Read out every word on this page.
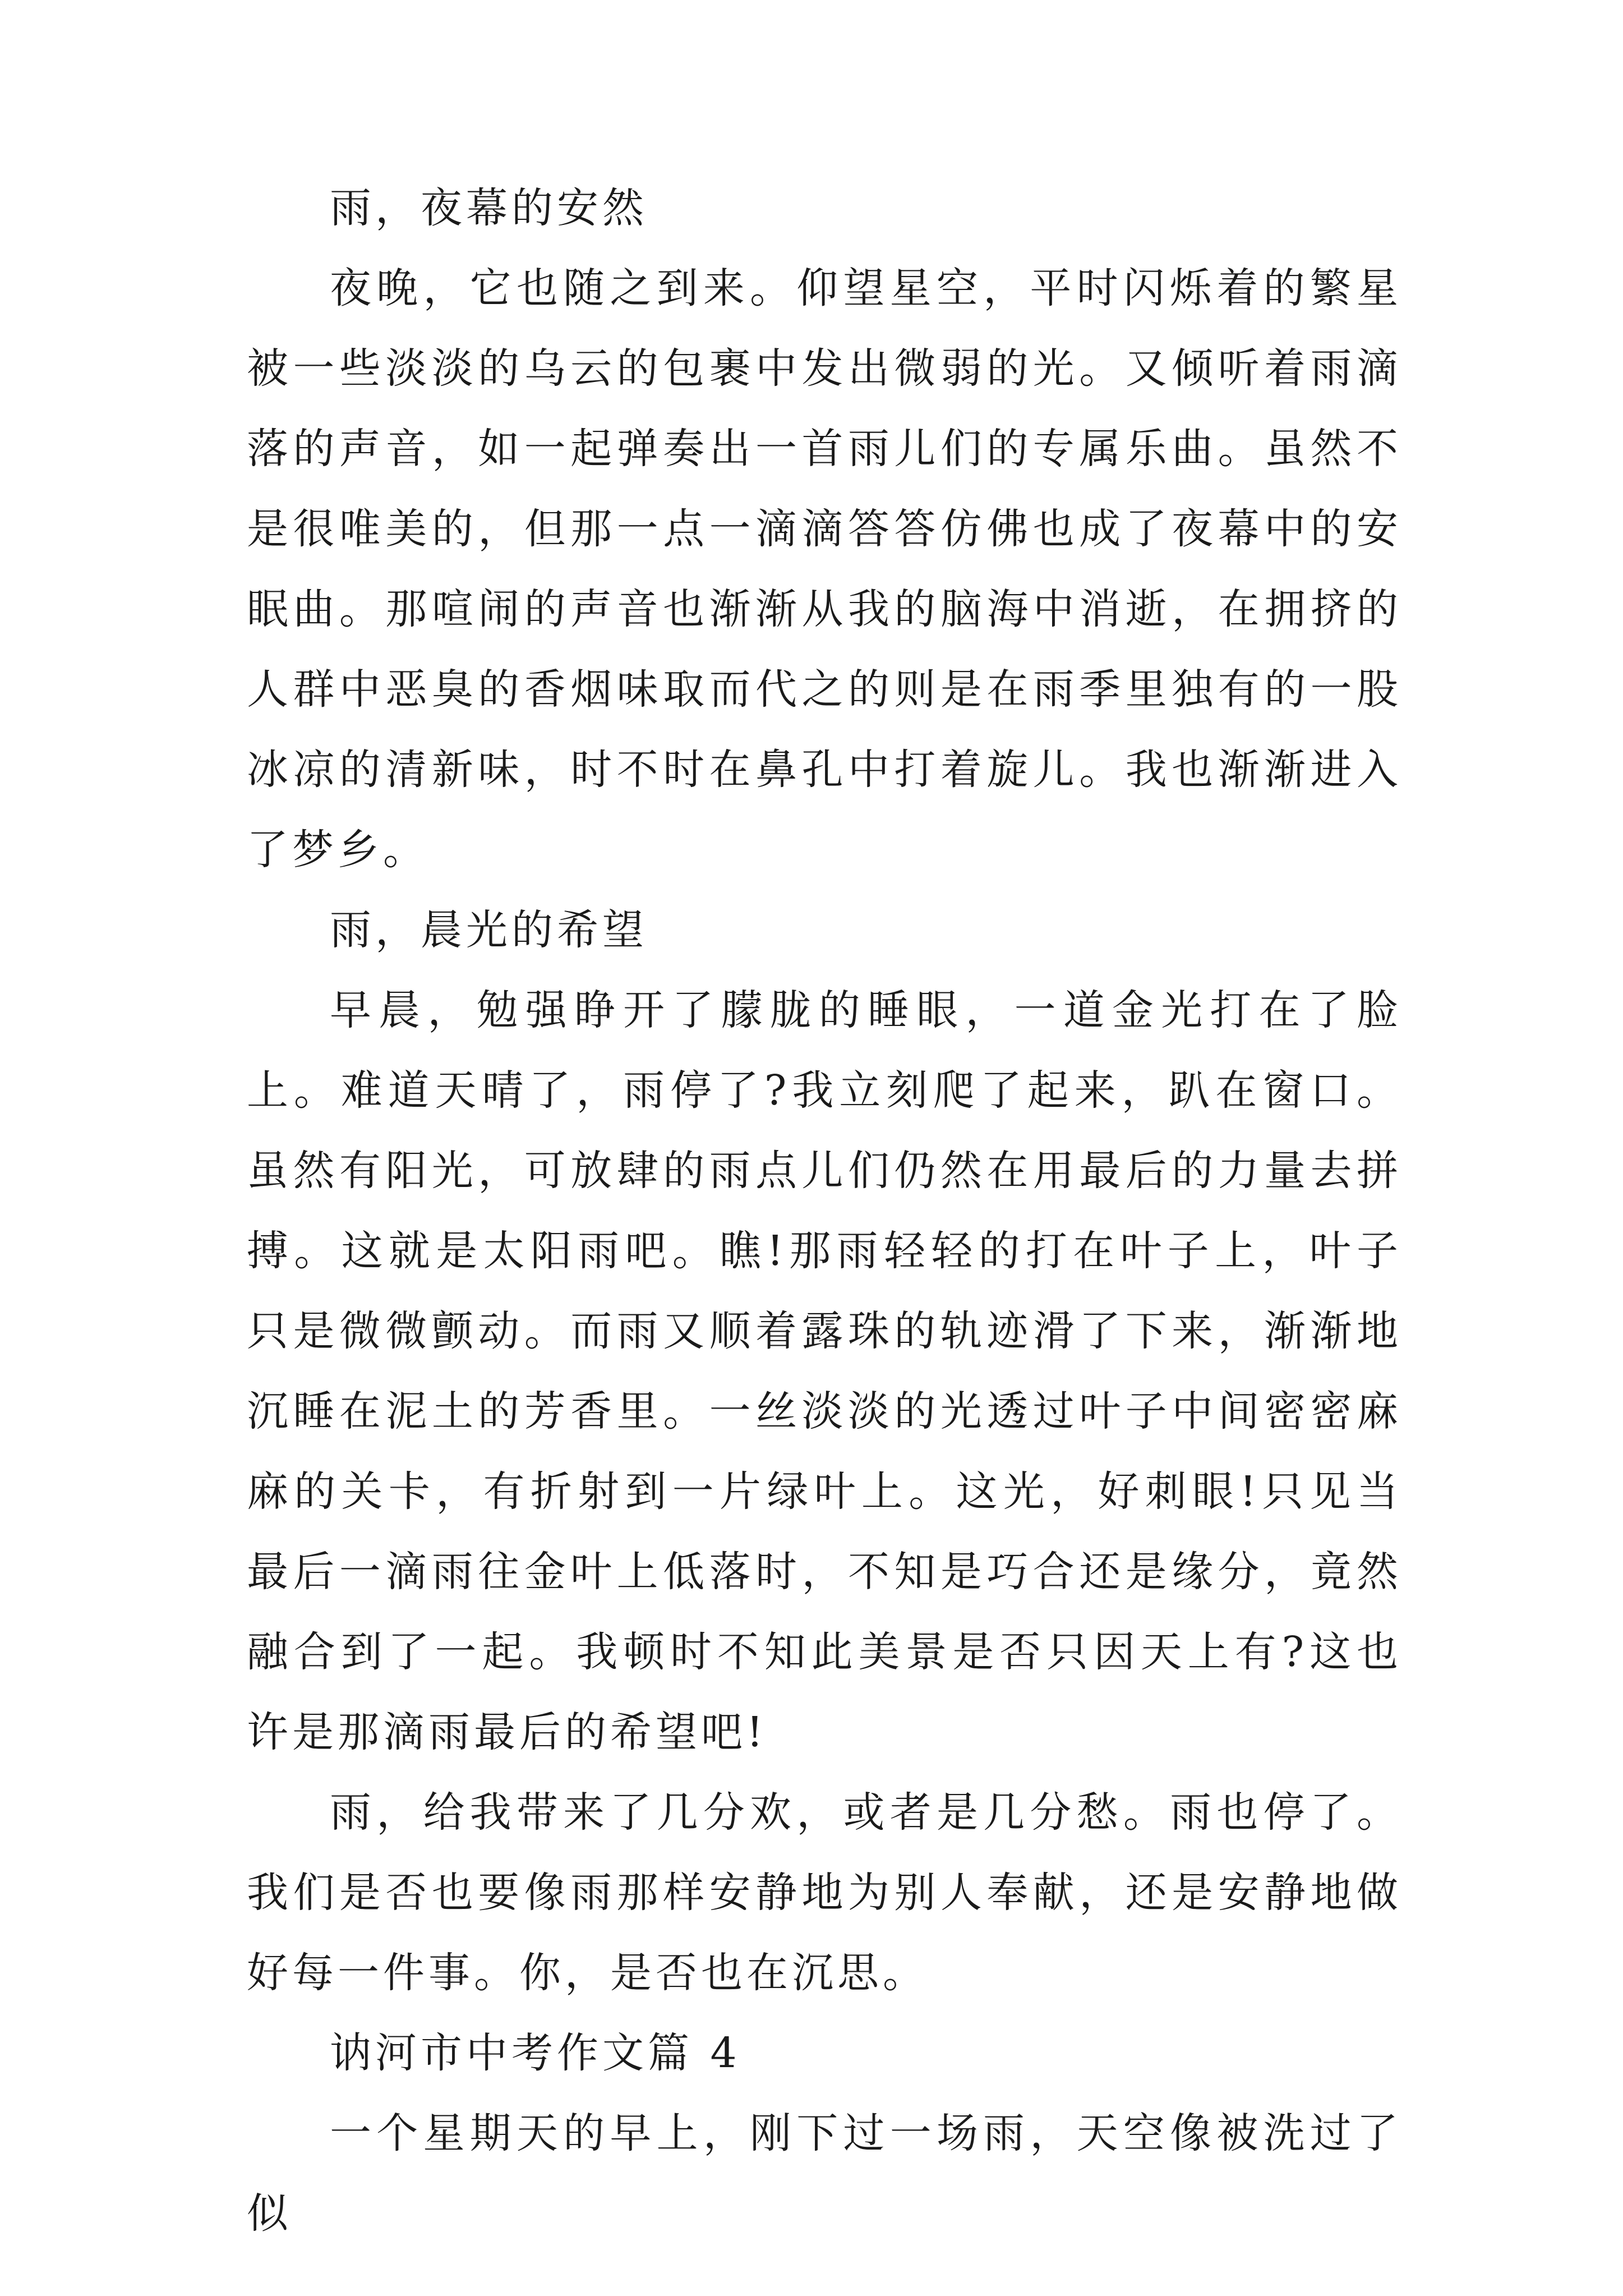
雨，夜幕的安然

夜晚，它也随之到来。仰望星空，平时闪烁着的繁星被一些淡淡的乌云的包裹中发出微弱的光。又倾听着雨滴落的声音，如一起弹奏出一首雨儿们的专属乐曲。虽然不是很唯美的，但那一点一滴滴答答仿佛也成了夜幕中的安眠曲。那喧闹的声音也渐渐从我的脑海中消逝，在拥挤的人群中恶臭的香烟味取而代之的则是在雨季里独有的一股冰凉的清新味，时不时在鼻孔中打着旋儿。我也渐渐进入了梦乡。

雨，晨光的希望

早晨，勉强睁开了朦胧的睡眼，一道金光打在了脸上。难道天晴了，雨停了?我立刻爬了起来，趴在窗口。虽然有阳光，可放肆的雨点儿们仍然在用最后的力量去拼搏。这就是太阳雨吧。瞧!那雨轻轻的打在叶子上，叶子只是微微颤动。而雨又顺着露珠的轨迹滑了下来，渐渐地沉睡在泥土的芳香里。一丝淡淡的光透过叶子中间密密麻麻的关卡，有折射到一片绿叶上。这光，好刺眼!只见当最后一滴雨往金叶上低落时，不知是巧合还是缘分，竟然融合到了一起。我顿时不知此美景是否只因天上有?这也许是那滴雨最后的希望吧!

雨，给我带来了几分欢，或者是几分愁。雨也停了。我们是否也要像雨那样安静地为别人奉献，还是安静地做好每一件事。你，是否也在沉思。

讷河市中考作文篇 4

一个星期天的早上，刚下过一场雨，天空像被洗过了似
